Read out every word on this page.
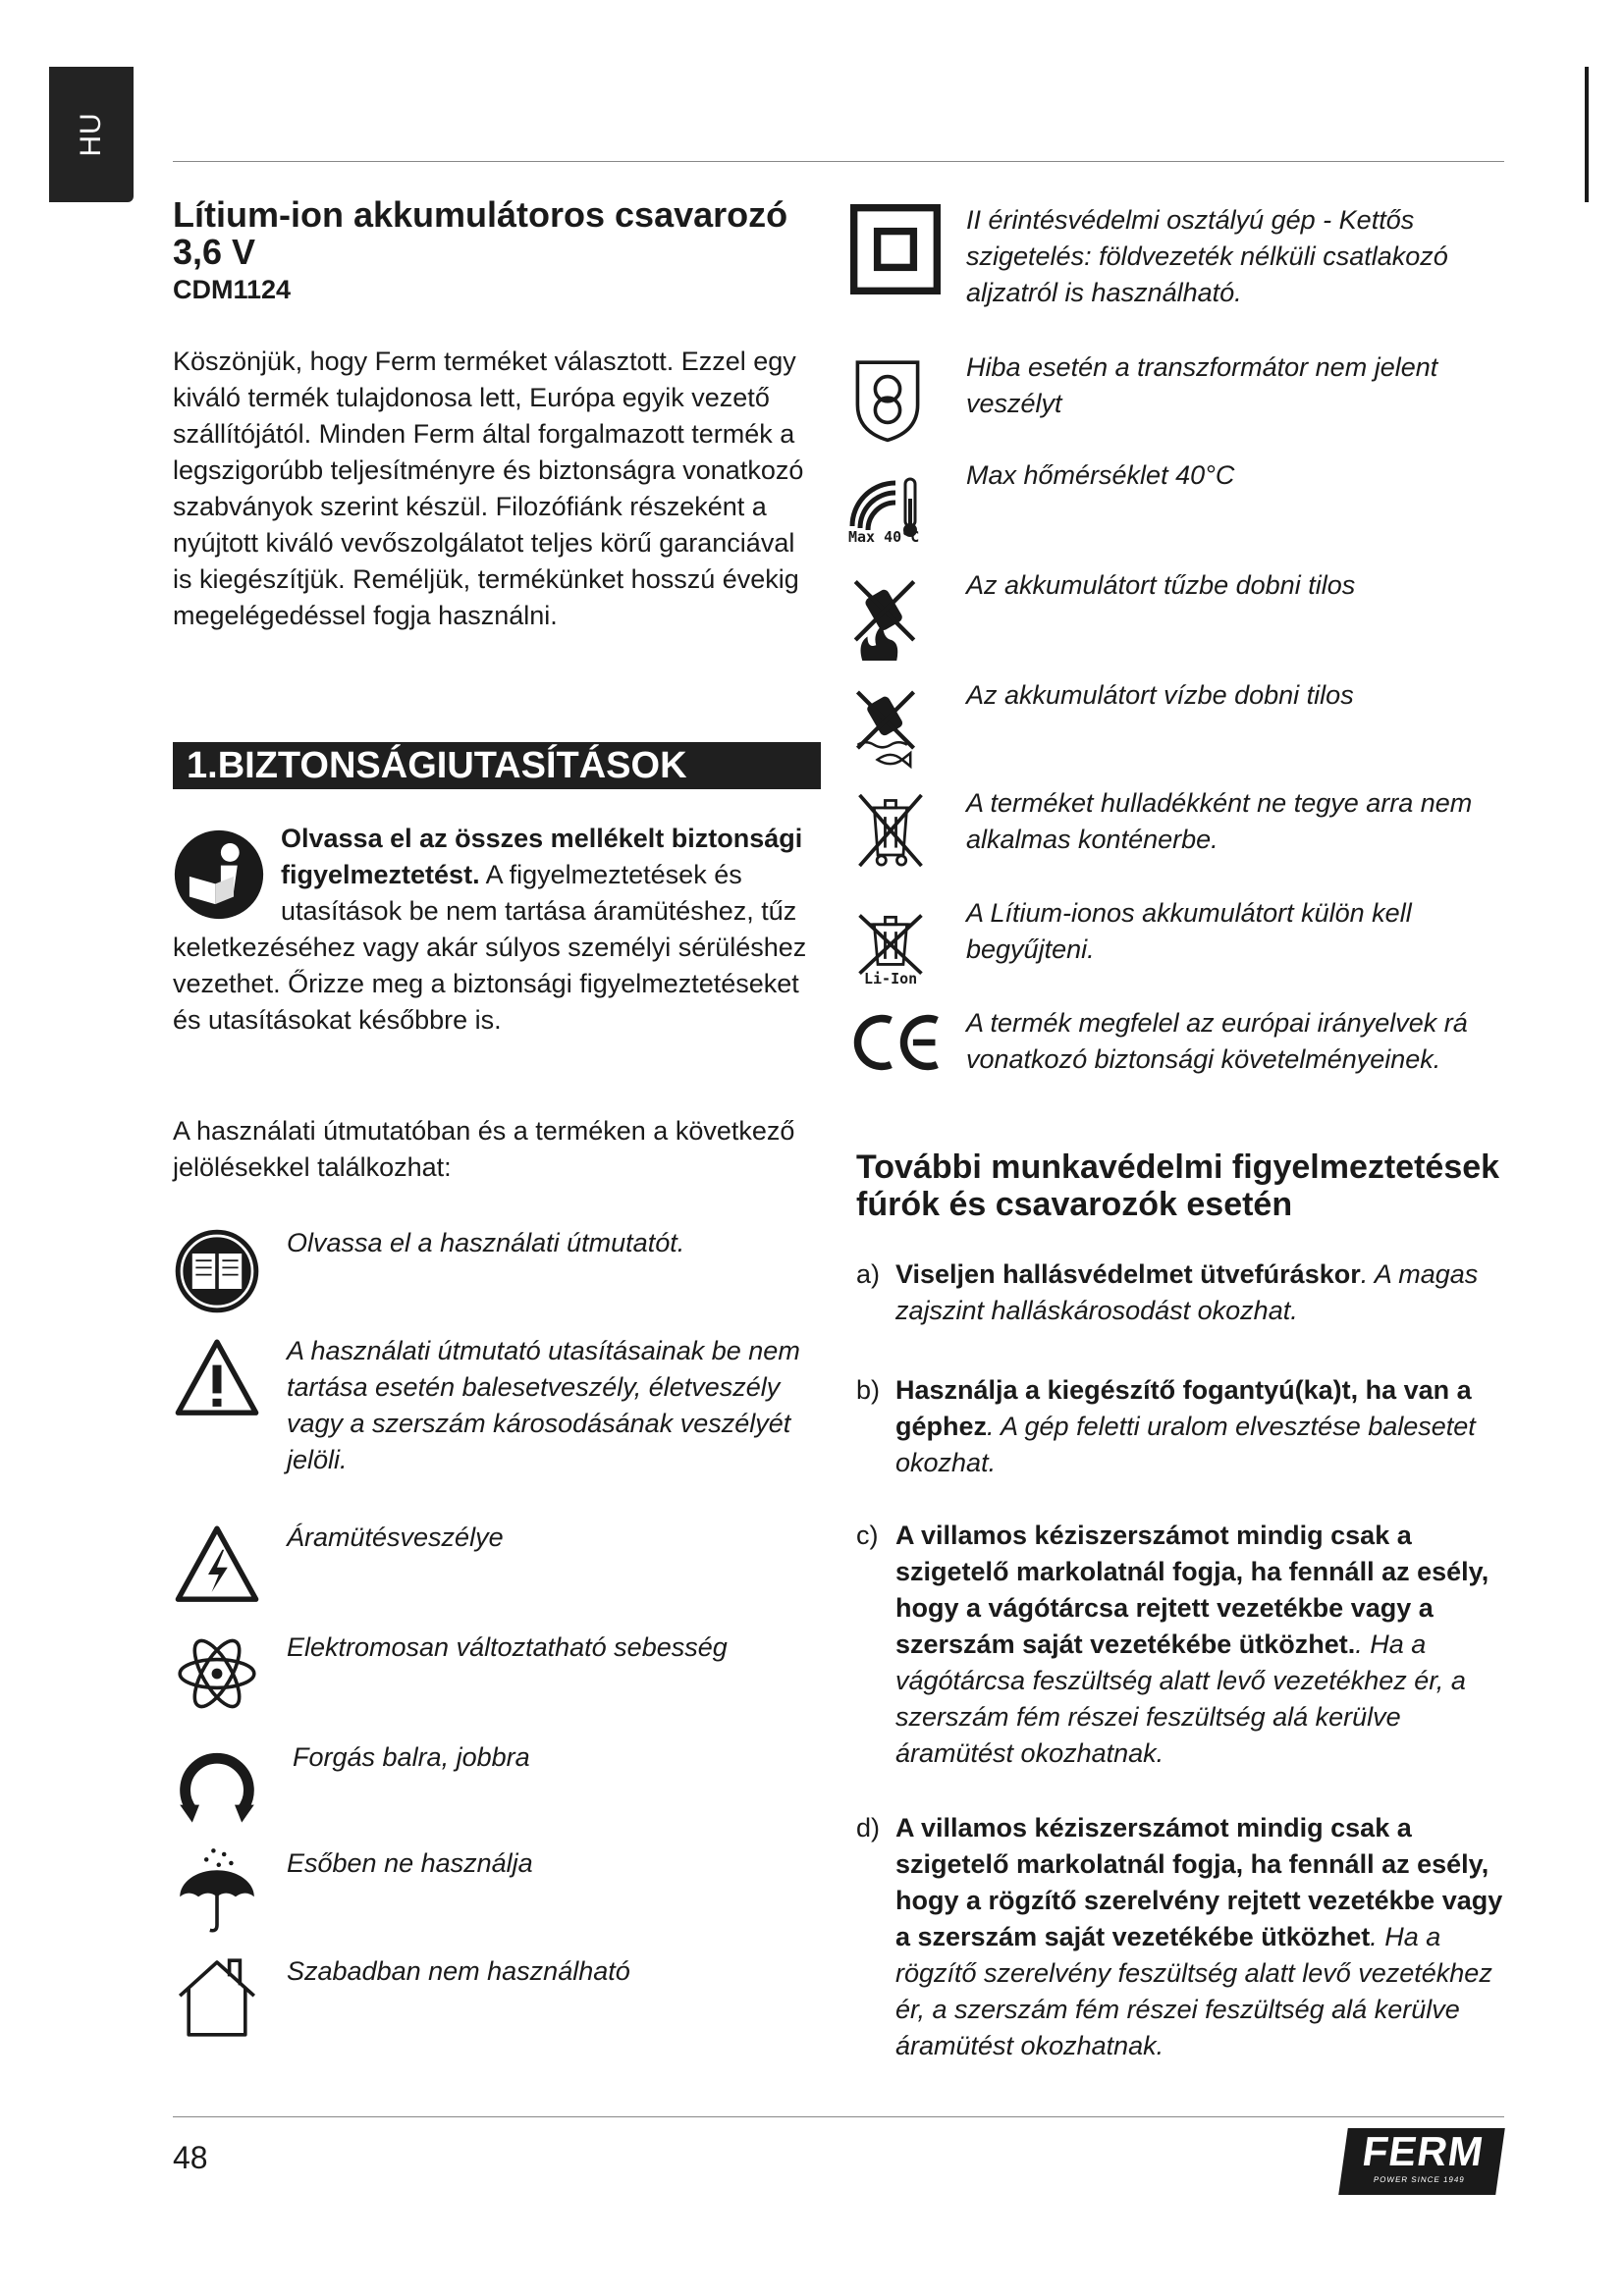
HU
Lítium-ion akkumulátoros csavarozó 3,6 V
CDM1124
Köszönjük, hogy Ferm terméket választott. Ezzel egy kiváló termék tulajdonosa lett, Európa egyik vezető szállítójától. Minden Ferm által forgalmazott termék a legszigorúbb teljesítményre és biztonságra vonatkozó szabványok szerint készül. Filozófiánk részeként a nyújtott kiváló vevőszolgálatot teljes körű garanciával is kiegészítjük. Reméljük, termékünket hosszú évekig megelégedéssel fogja használni.
1.BIZTONSÁGIUTASÍTÁSOK
Olvassa el az összes mellékelt biztonsági figyelmeztetést. A figyelmeztetések és utasítások be nem tartása áramütéshez, tűz keletkezéséhez vagy akár súlyos személyi sérüléshez vezethet. Őrizze meg a biztonsági figyelmeztetéseket és utasításokat későbbre is.
A használati útmutatóban és a terméken a következő jelölésekkel találkozhat:
Olvassa el a használati útmutatót.
A használati útmutató utasításainak be nem tartása esetén balesetveszély, életveszély vagy a szerszám károsodásának veszélyét jelöli.
Áramütésveszélye
Elektromosan változtatható sebesség
Forgás balra, jobbra
Esőben ne használja
Szabadban nem használható
II érintésvédelmi osztályú gép - Kettős szigetelés: földvezeték nélküli csatlakozó aljzatról is használható.
Hiba esetén a transzformátor nem jelent veszélyt
Max 40°C
Max hőmérséklet 40°C
Az akkumulátort tűzbe dobni tilos
Az akkumulátort vízbe dobni tilos
A terméket hulladékként ne tegye arra nem alkalmas konténerbe.
Li-Ion
A Lítium-ionos akkumulátort külön kell begyűjteni.
A termék megfelel az európai irányelvek rá vonatkozó biztonsági követelményeinek.
További munkavédelmi figyelmeztetések fúrók és csavarozók esetén
a) Viseljen hallásvédelmet ütvefúráskor. A magas zajszint halláskárosodást okozhat.
b) Használja a kiegészítő fogantyú(ka)t, ha van a géphez. A gép feletti uralom elvesztése balesetet okozhat.
c) A villamos kéziszerszámot mindig csak a szigetelő markolatnál fogja, ha fennáll az esély, hogy a vágótárcsa rejtett vezetékbe vagy a szerszám saját vezetékébe ütközhet.. Ha a vágótárcsa feszültség alatt levő vezetékhez ér, a szerszám fém részei feszültség alá kerülve áramütést okozhatnak.
d) A villamos kéziszerszámot mindig csak a szigetelő markolatnál fogja, ha fennáll az esély, hogy a rögzítő szerelvény rejtett vezetékbe vagy a szerszám saját vezetékébe ütközhet. Ha a rögzítő szerelvény feszültség alatt levő vezetékhez ér, a szerszám fém részei feszültség alá kerülve áramütést okozhatnak.
48	FERM
POWER SINCE 1949
